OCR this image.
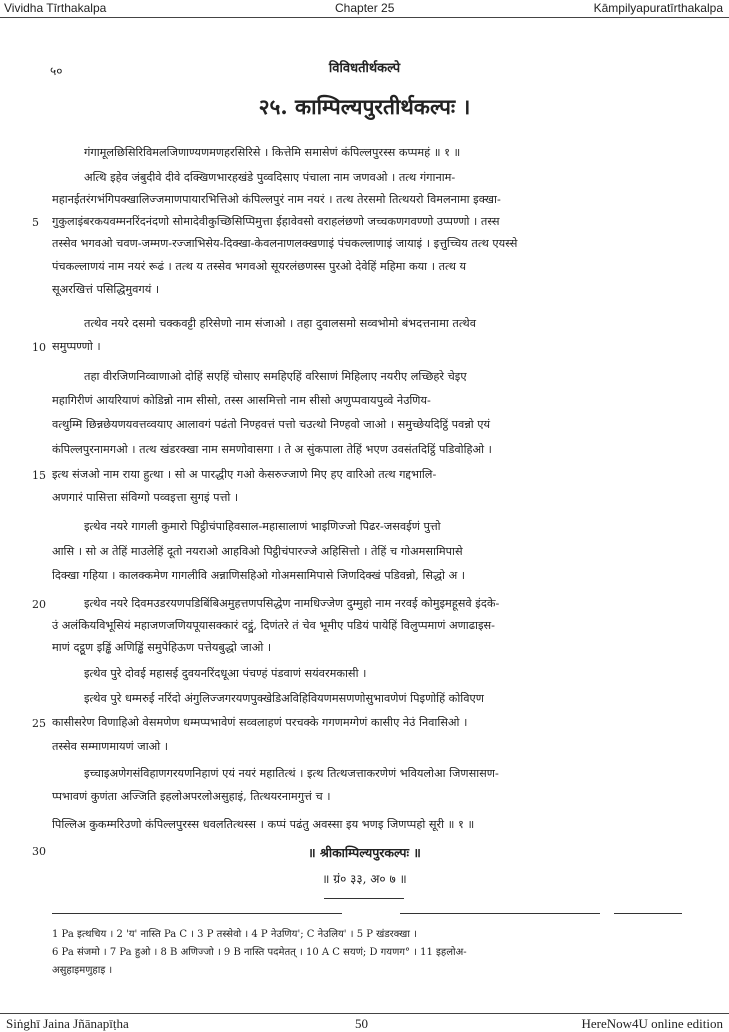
Vividha Tīrthakalpa	Chapter 25	Kāmpilyapuratīrthakalpa
५०	विविधतीर्थकल्पे
२५. काम्पिल्यपुरतीर्थकल्पः ।
गंगामूलछिसिरिविमलजिणाण्यणमणहरसिरिसे । कित्तेमि समासेणं कंपिल्लपुरस्स कप्पमहं ॥ १ ॥
अत्थि इहेव जंबुदीवे दीवे दक्खिणभारहखंडे पुव्वदिसाए पंचाला नाम जणवओ । तत्थ गंगानाम-
महानईतरंगभंगिपक्खालिज्जमाणपायारभित्तिओ कंपिल्लपुरं नाम नयरं । तत्थ तेरसमो तित्थयरो विमलनामा इक्खा-
गुकुलाइंबरकयवम्मनरिंदनंदणो सोमादेवीकुच्छिसिप्पिमुत्ता ईहावेवसो वराहलंछणो जच्चकणगवण्णो उप्पण्णो । तस्स
तस्सेव भगवओ चवण-जम्मण-रज्जाभिसेय-दिक्खा-केवलनाणलक्खणाइं पंचकल्लाणाइं जायाइं । इत्तुच्चिय तत्थ एयस्से
पंचकल्लाणयं नाम नयरं रूढं । तत्थ य तस्सेव भगवओ सूयरलंछणस्स पुरओ देवेहिं महिमा कया । तत्थ य
सूअरखित्तं पसिद्धिमुवगयं ।
तत्थेव नयरे दसमो चक्कवट्टी हरिसेणो नाम संजाओ । तहा दुवालसमो सव्वभोमो बंभदत्तनामा तत्थेव
समुप्पण्णो ।
तहा वीरजिणनिव्वाणाओ दोहिं सएहिं चोसाए समहिएहिं वरिसाणं मिहिलाए नयरीए लच्छिहरे चेइए
महागिरीणं आयरियाणं कोडिन्नो नाम सीसो, तस्स आसमित्तो नाम सीसो अणुप्पवायपुव्वे नेउणिय-
वत्थुम्मि छिन्नछेयणयवत्तव्वयाए आलावगं पढंतो निण्हवत्तं पत्तो चउत्थो निण्हवो जाओ । समुच्छेयदिट्ठिं पवन्नो एयं
कंपिल्लपुरनामगओ । तत्थ खंडरक्खा नाम समणोवासगा । ते अ सुंकपाला तेहिं भएण उवसंतदिट्ठिं पडिवोहिओ ।
इत्थ संजओ नाम राया हुत्था । सो अ पारद्धीए गओ केसरुज्जाणे मिए हए वारिओ तत्थ गद्दभालि-
अणगारं पासित्ता संविग्गो पव्वइत्ता सुगइं पत्तो ।
इत्थेव नयरे गागली कुमारो पिट्ठीचंपाहिवसाल-महासालाणं भाइणिज्जो पिढर-जसवईणं पुत्तो
आसि । सो अ तेहिं माउलेहिं दूतो नयराओ आहविओ पिट्ठीचंपारज्जे अहिसित्तो । तेहिं च गोअमसामिपासे
दिक्खा गहिया । कालक्कमेण गागलीवि अन्नाणिसहिओ गोअमसामिपासे जिणदिक्खं पडिवन्नो, सिद्धो अ ।
इत्थेव नयरे दिवमउडरयणपडिबिंबिअमुहत्तणपसिद्धेण नामधिज्जेण दुम्मुहो नाम नरवई कोमुइमहूसवे इंदके-
उं अलंकियविभूसियं महाजणजणियपूयासक्कारं दट्ठुं, दिणंतरे तं चेव भूमीए पडियं पायेहिं विलुप्पमाणं अणाढाइस-
माणं दट्ठूण इड्ढिं अणिड्ढिं समुपेहिऊण पत्तेयबुद्धो जाओ ।
इत्थेव पुरे दोवई महासई दुवयनरिंदधूआ पंचण्हं पंडवाणं सयंवरमकासी ।
इत्थेव पुरे धम्मरुई नरिंदो अंगुलिज्जगरयणपुक्खेडिअविहिवियणमसणणोसुभावणेणं पिइणोहिं कोविएण
कासीसरेण विणाहिओ वेसमणेण धम्मप्पभावेणं सव्वलाहणं परचक्के गगणमग्गेणं कासीए नेउं निवासिओ ।
तस्सेव सम्माणमायणं जाओ ।
इच्चाइअणेगसंविहाणगरयणनिहाणं एयं नयरं महातित्थं । इत्थ तित्थजत्ताकरणेणं भवियलोआ जिणसासण-
प्पभावणं कुणंता अज्जिति इहलोअपरलोअसुहाइं, तित्थयरनामगुत्तं च ।
पिल्लिअ कुकम्मरिउणो कंपिल्लपुरस्स धवलतित्थस्स । कप्पं पढंतु अवस्सा इय भणइ जिणप्पहो सूरी ॥ १ ॥
॥ श्रीकाम्पिल्यपुरकल्पः ॥
॥ ग्रं० ३३, अ० ७ ॥
5
10
15
20
25
30
1 Pa इत्थचिय । 2 'य' नास्ति Pa C । 3 P तस्सेवो । 4 P नेउणिय'; C नेउलिय' । 5 P खंडरक्खा ।
6 Pa संजमो । 7 Pa हुओ । 8 B अणिज्जो । 9 B नास्ति पदमेतत् । 10 A C सयणं; D गयणग° । 11 इहलोअ-
असुहाइमणुहाइ ।
Siṅghī Jaina Jñānapīṭha	50	HereNow4U online edition
